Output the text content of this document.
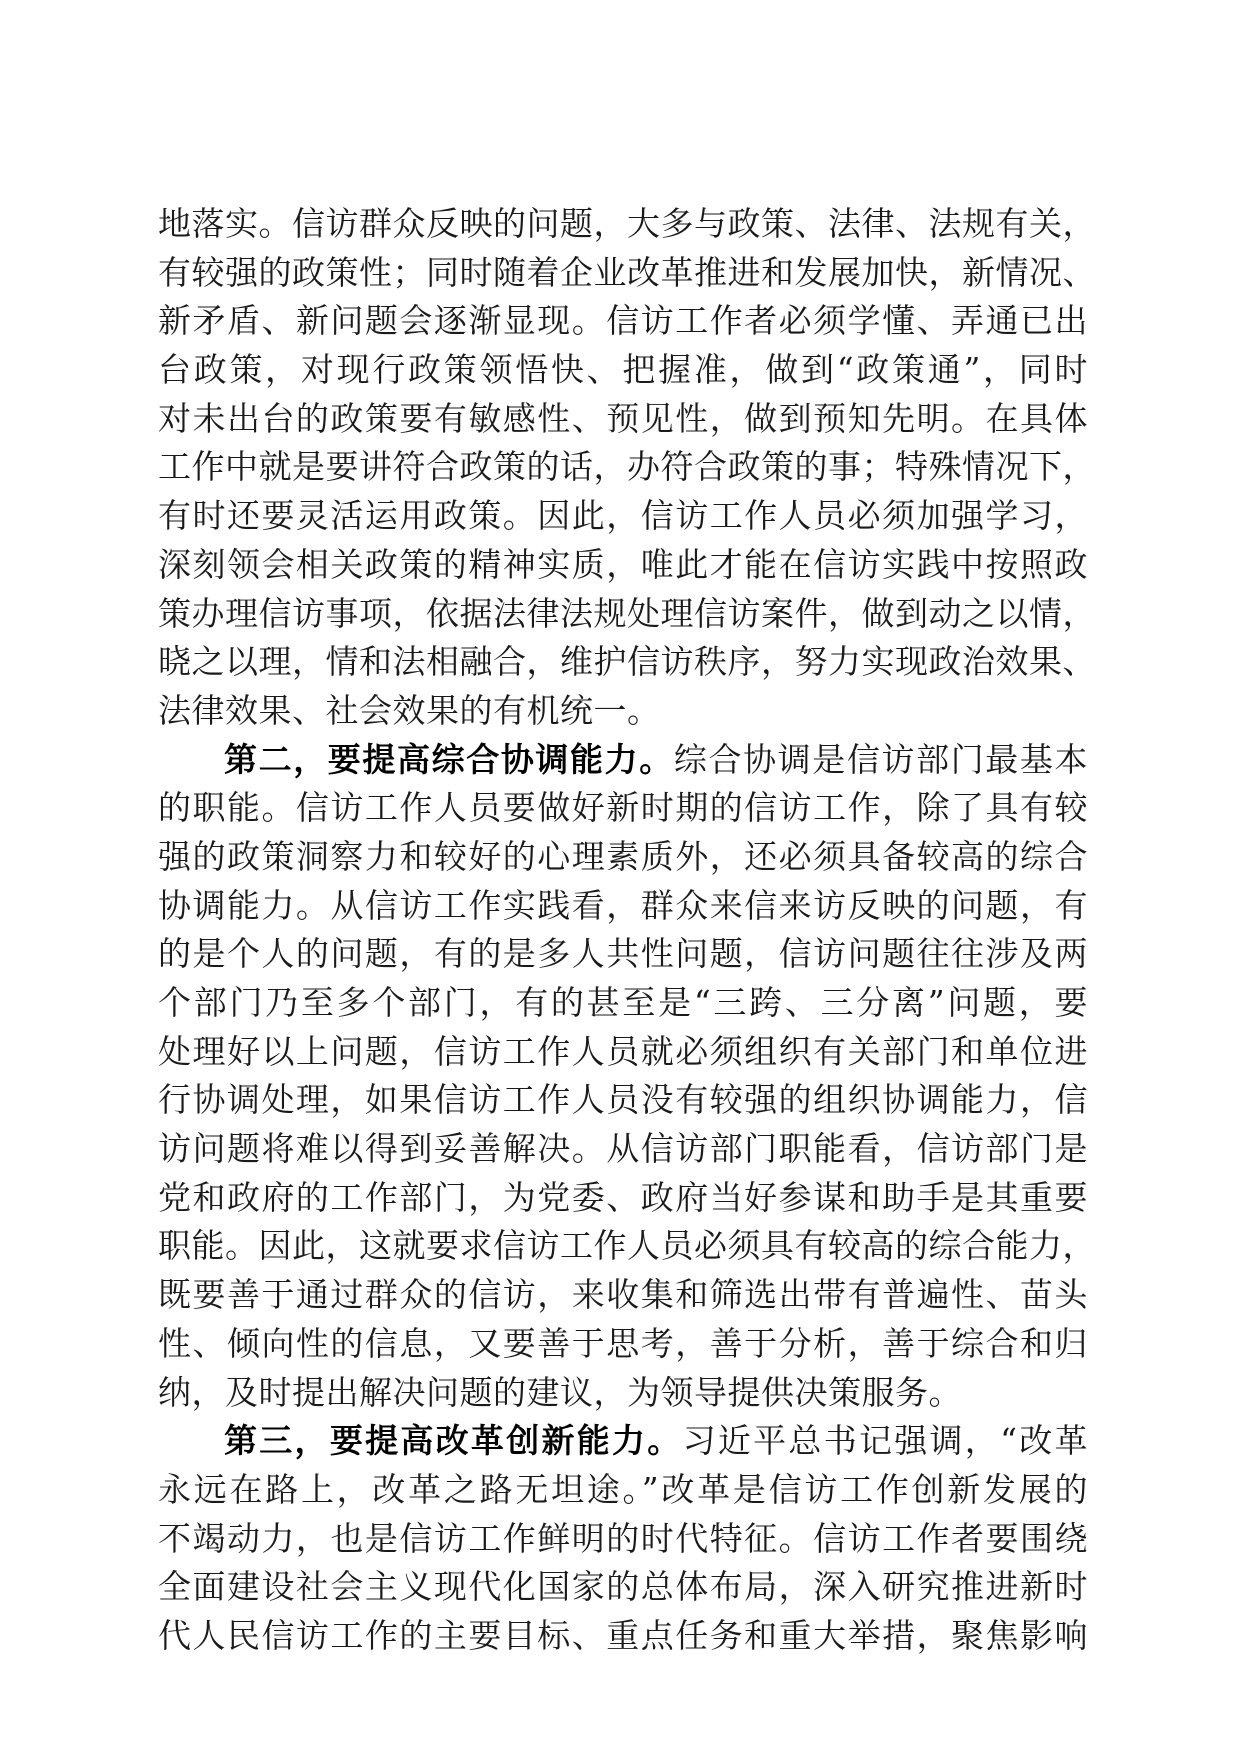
地落实。信访群众反映的问题，大多与政策、法律、法规有关，
有较强的政策性；同时随着企业改革推进和发展加快，新情况、
新矛盾、新问题会逐渐显现。信访工作者必须学懂、弄通已出
台政策，对现行政策领悟快、把握准，做到“政策通”，同时
对未出台的政策要有敏感性、预见性，做到预知先明。在具体
工作中就是要讲符合政策的话，办符合政策的事；特殊情况下，
有时还要灵活运用政策。因此，信访工作人员必须加强学习，
深刻领会相关政策的精神实质，唯此才能在信访实践中按照政
策办理信访事项，依据法律法规处理信访案件，做到动之以情，
晓之以理，情和法相融合，维护信访秩序，努力实现政治效果、
法律效果、社会效果的有机统一。
第二，要提高综合协调能力。综合协调是信访部门最基本
的职能。信访工作人员要做好新时期的信访工作，除了具有较
强的政策洞察力和较好的心理素质外，还必须具备较高的综合
协调能力。从信访工作实践看，群众来信来访反映的问题，有
的是个人的问题，有的是多人共性问题，信访问题往往涉及两
个部门乃至多个部门，有的甚至是“三跨、三分离”问题，要
处理好以上问题，信访工作人员就必须组织有关部门和单位进
行协调处理，如果信访工作人员没有较强的组织协调能力，信
访问题将难以得到妥善解决。从信访部门职能看，信访部门是
党和政府的工作部门，为党委、政府当好参谋和助手是其重要
职能。因此，这就要求信访工作人员必须具有较高的综合能力，
既要善于通过群众的信访，来收集和筛选出带有普遍性、苗头
性、倾向性的信息，又要善于思考，善于分析，善于综合和归
纳，及时提出解决问题的建议，为领导提供决策服务。
第三，要提高改革创新能力。习近平总书记强调，“改革
永远在路上，改革之路无坦途。”改革是信访工作创新发展的
不竭动力，也是信访工作鲜明的时代特征。信访工作者要围绕
全面建设社会主义现代化国家的总体布局，深入研究推进新时
代人民信访工作的主要目标、重点任务和重大举措，聚焦影响
